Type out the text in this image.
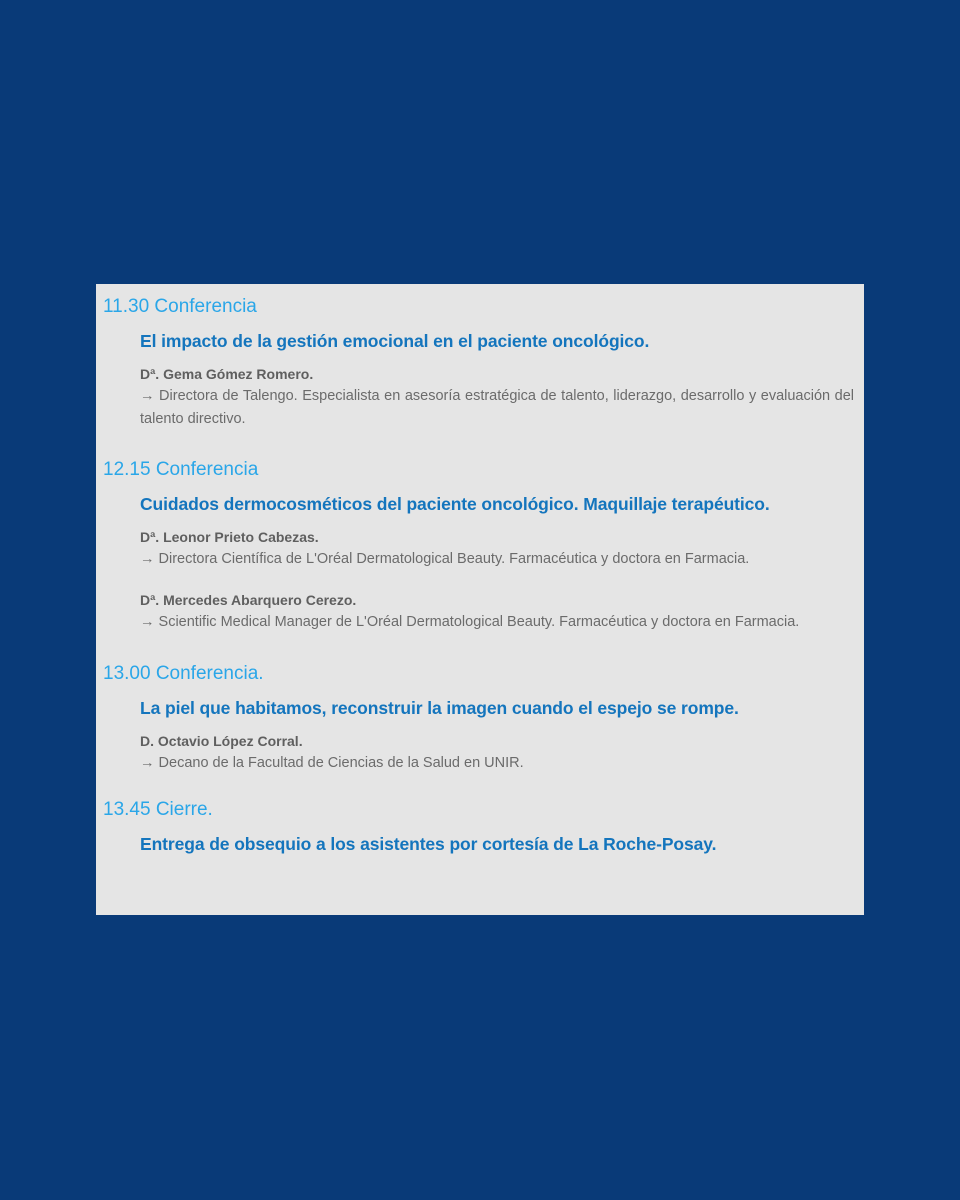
11.30 Conferencia

El impacto de la gestión emocional en el paciente oncológico.

Dª. Gema Gómez Romero.

→ Directora de Talengo. Especialista en asesoría estratégica de talento, liderazgo, desarrollo y evaluación del talento directivo.

12.15 Conferencia

Cuidados dermocosméticos del paciente oncológico. Maquillaje terapéutico.

Dª. Leonor Prieto Cabezas.

→ Directora Científica de L'Oréal Dermatological Beauty. Farmacéutica y doctora en Farmacia.

Dª. Mercedes Abarquero Cerezo.

→ Scientific Medical Manager de L'Oréal Dermatological Beauty. Farmacéutica y doctora en Farmacia.

13.00 Conferencia.

La piel que habitamos, reconstruir la imagen cuando el espejo se rompe.

D. Octavio López Corral.

→ Decano de la Facultad de Ciencias de la Salud en UNIR.

13.45 Cierre.

Entrega de obsequio a los asistentes por cortesía de La Roche-Posay.
